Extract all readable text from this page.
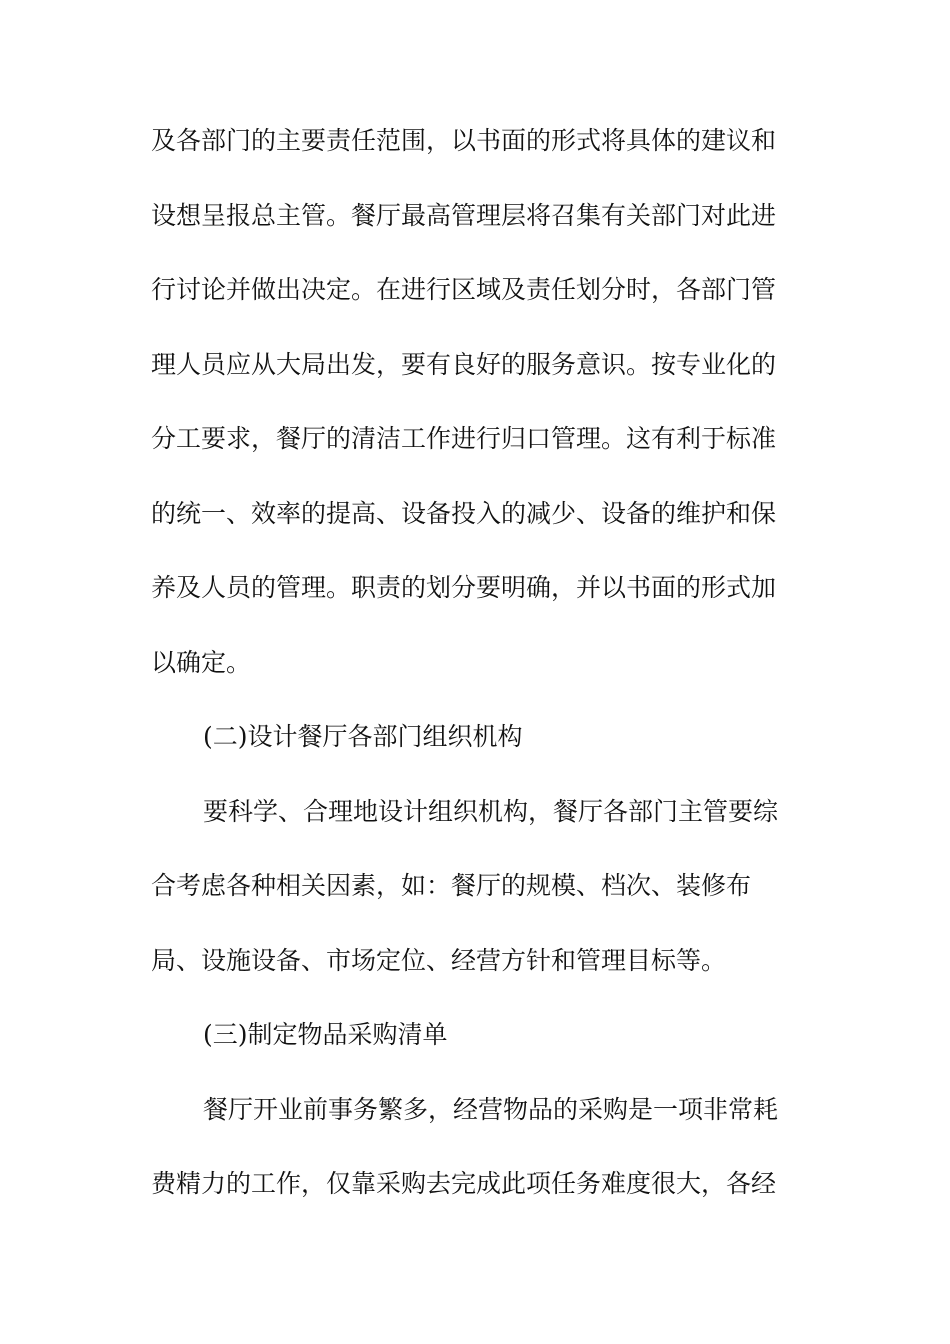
及各部门的主要责任范围，以书面的形式将具体的建议和
设想呈报总主管。餐厅最高管理层将召集有关部门对此进
行讨论并做出决定。在进行区域及责任划分时，各部门管
理人员应从大局出发，要有良好的服务意识。按专业化的
分工要求，餐厅的清洁工作进行归口管理。这有利于标准
的统一、效率的提高、设备投入的减少、设备的维护和保
养及人员的管理。职责的划分要明确，并以书面的形式加
以确定。
(二)设计餐厅各部门组织机构
要科学、合理地设计组织机构，餐厅各部门主管要综
合考虑各种相关因素，如：餐厅的规模、档次、装修布
局、设施设备、市场定位、经营方针和管理目标等。
(三)制定物品采购清单
餐厅开业前事务繁多，经营物品的采购是一项非常耗
费精力的工作，仅靠采购去完成此项任务难度很大，各经
